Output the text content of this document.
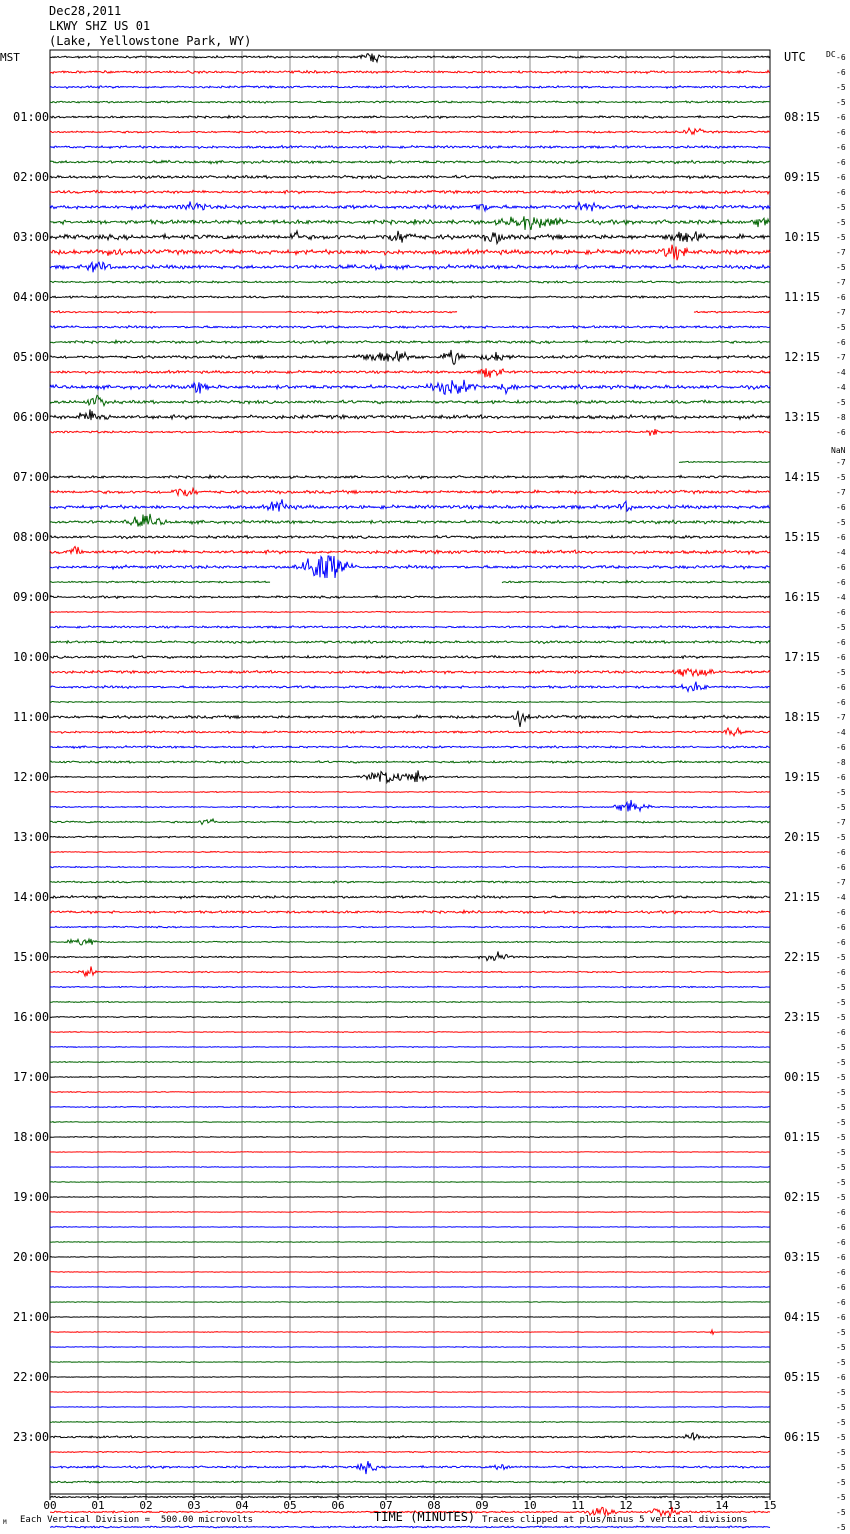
Dec28,2011
LKWY SHZ US 01
(Lake, Yellowstone Park, WY)
MST	DC
NaN
00	01	02	03	04	05	06	07	08	09	10	11	12	13	14	15
-6
UTC
-6
-5
-5
-6
01:00	08:15
-6
-6
-6
-6
02:00	09:15
-6
-5
-5
-5
03:00	10:15
-7
-5
-7
-6
04:00	11:15
-7
-5
-6
-7
05:00	12:15
-4
-4
-5
-8
06:00	13:15
-6
-7
-5
07:00	14:15
-7
-6
-5
-6
08:00	15:15
-4
-6
-6
-4
09:00	16:15
-6
-5
-6
-6
10:00	17:15
-5
-6
-6
-7
11:00	18:15
-4
-6
-8
-6
12:00	19:15
-5
-5
-7
-5
13:00	20:15
-6
-6
-7
-4
14:00	21:15
-6
-6
-6
-5
15:00	22:15
-6
-5
-5
-5
16:00	23:15
-6
-5
-5
-5
17:00	00:15
-5
-5
-5
-5
18:00	01:15
-5
-5
-5
-5
19:00	02:15
-6
-6
-6
-6
20:00	03:15
-6
-6
-6
-6
21:00	04:15
-5
-5
-5
-6
22:00	05:15
-5
-5
-5
-5
23:00	06:15
-5
-5
-5
-5
-5
-5
Each Vertical Division =  500.00 microvolts	Traces clipped at plus/minus 5 vertical divisions
M	TIME (MINUTES)
